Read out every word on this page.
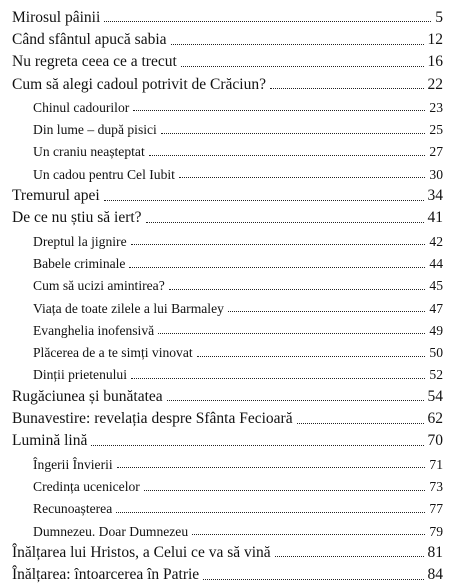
Mirosul pâinii	5
Când sfântul apucă sabia	12
Nu regreta ceea ce a trecut	16
Cum să alegi cadoul potrivit de Crăciun?	22
Chinul cadourilor	23
Din lume – după pisici	25
Un craniu neașteptat	27
Un cadou pentru Cel Iubit	30
Tremurul apei	34
De ce nu știu să iert?	41
Dreptul la jignire	42
Babele criminale	44
Cum să ucizi amintirea?	45
Viața de toate zilele a lui Barmaley	47
Evanghelia inofensivă	49
Plăcerea de a te simți vinovat	50
Dinții prietenului	52
Rugăciunea și bunătatea	54
Bunavestire: revelația despre Sfânta Fecioară	62
Lumină lină	70
Îngerii Învierii	71
Credința ucenicelor	73
Recunoașterea	77
Dumnezeu. Doar Dumnezeu	79
Înălțarea lui Hristos, a Celui ce va să vină	81
Înălțarea: întoarcerea în Patrie	84
